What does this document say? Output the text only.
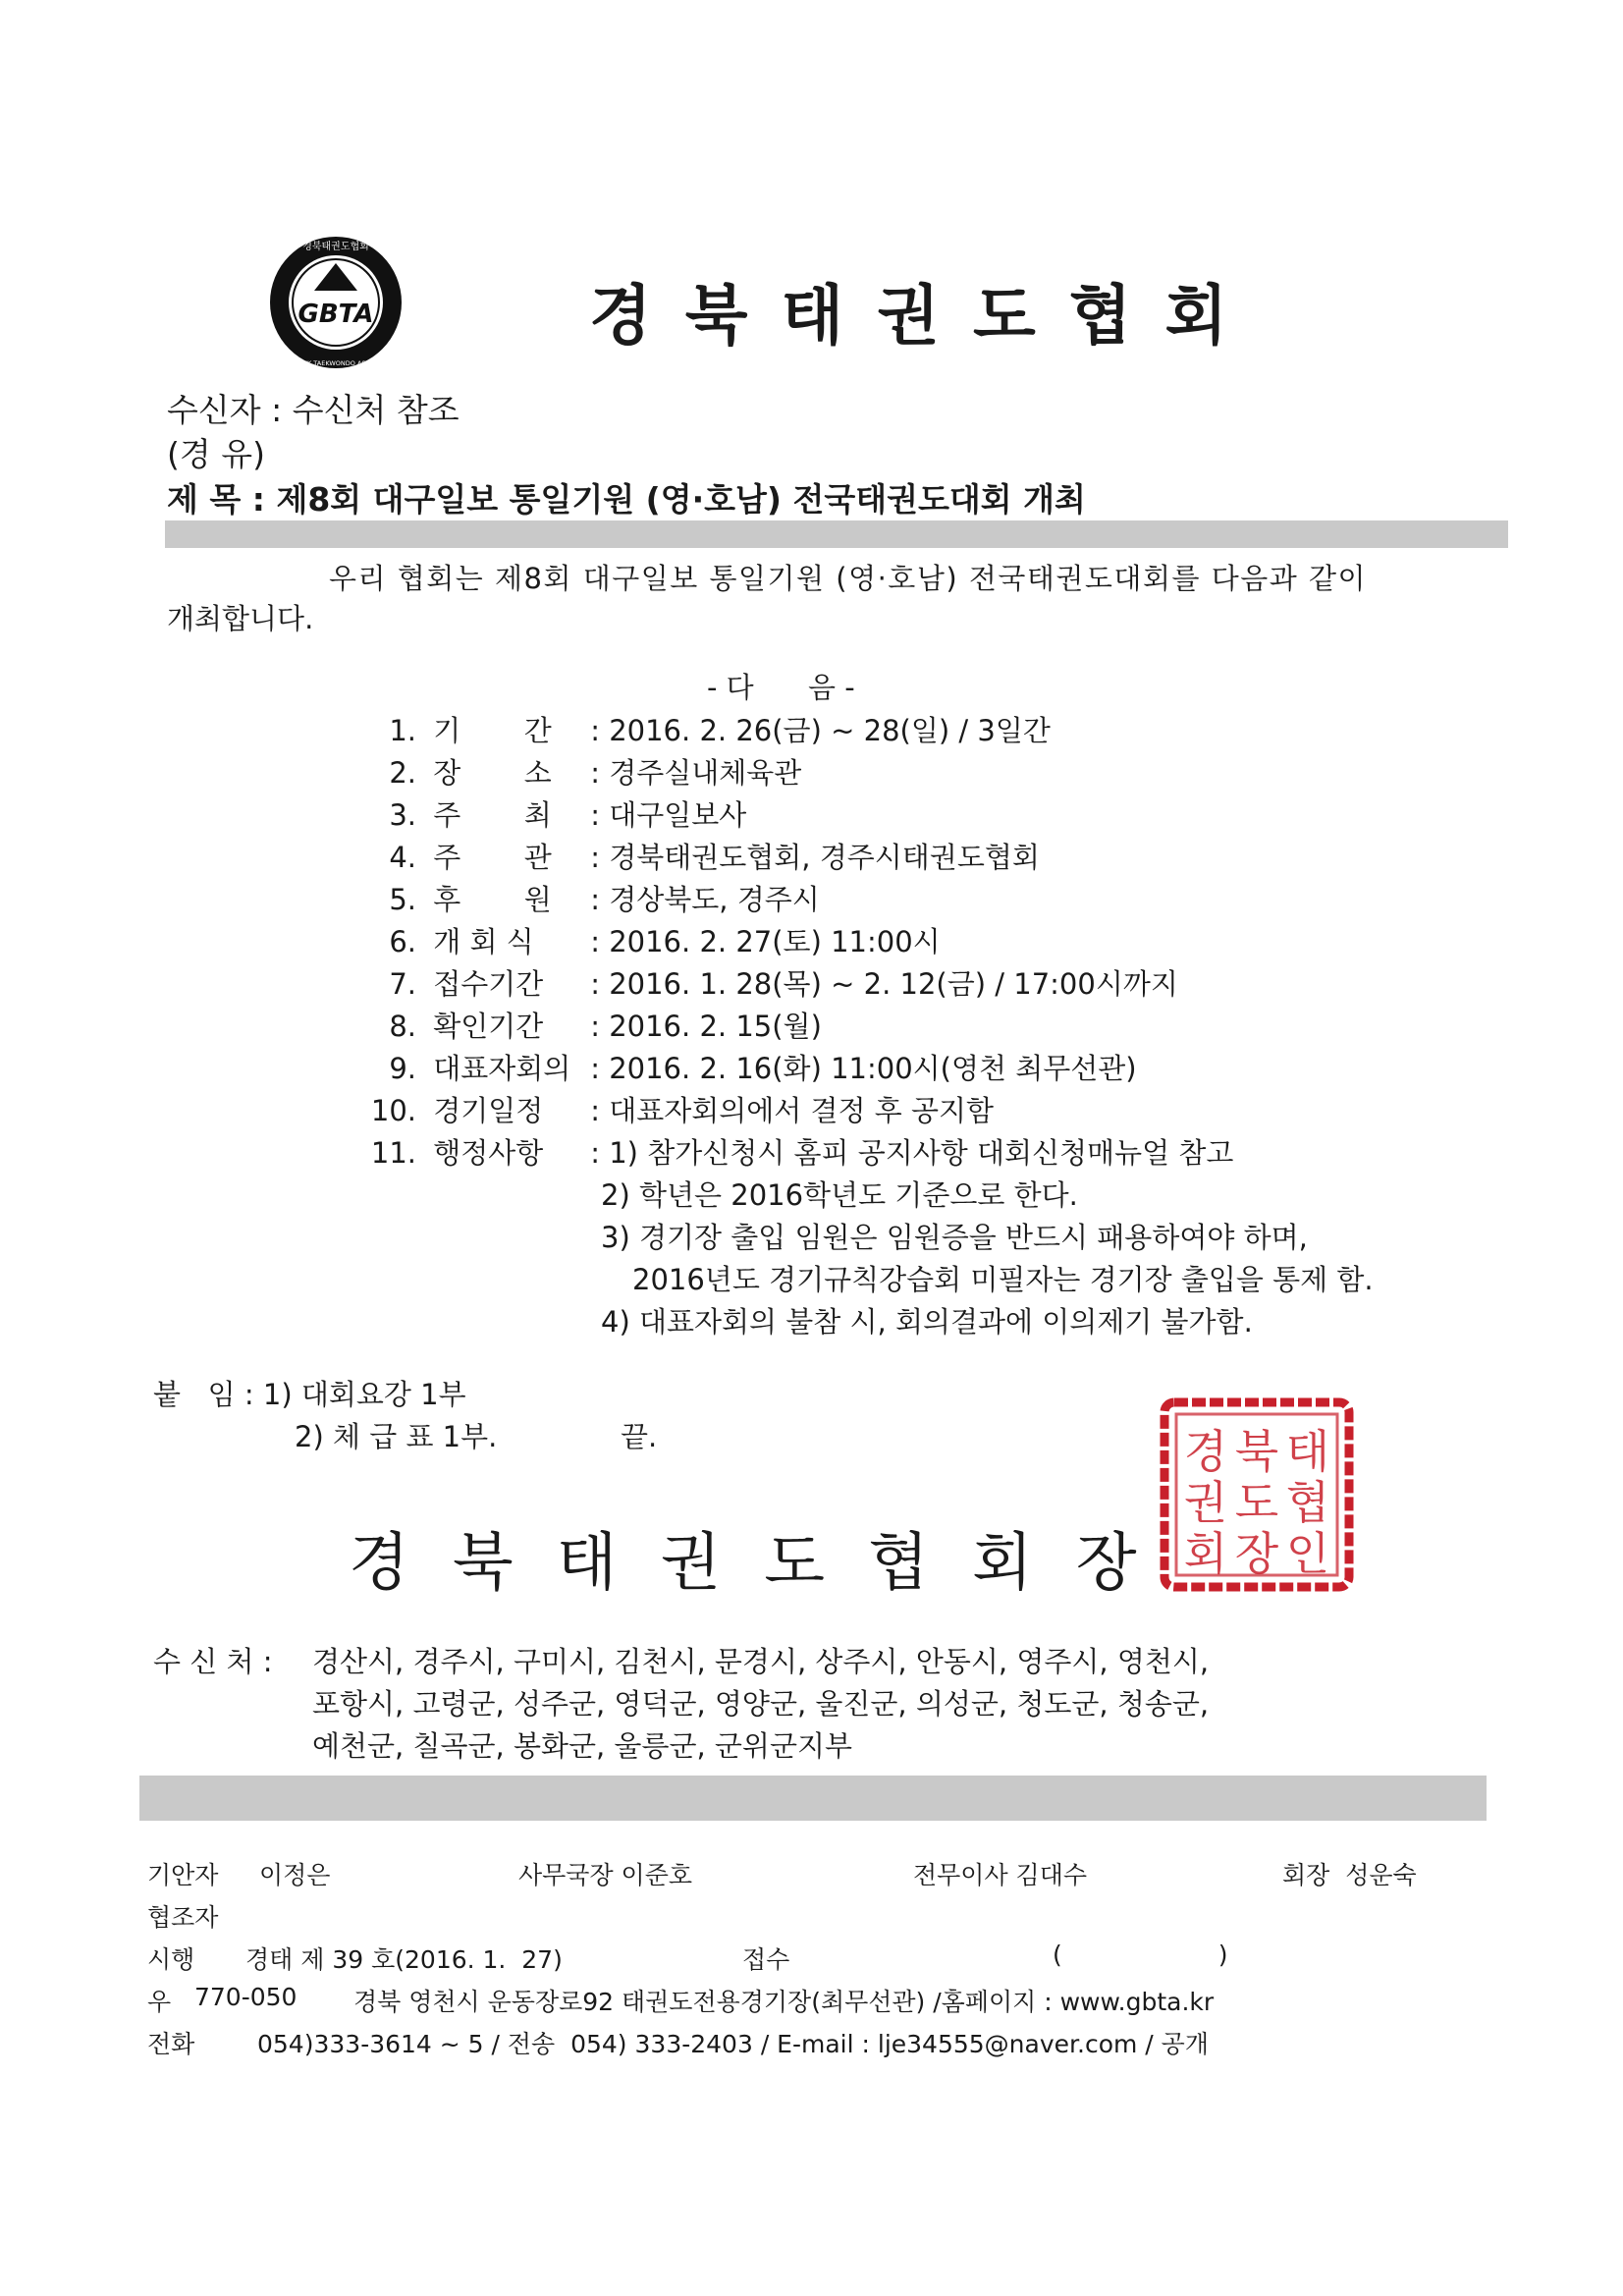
GBTA
경북태권도협회
GYEONGBUK TAEKWONDO ASSOCIATION
경북태권도협회
수신자 : 수신처 참조
(경 유)
제 목 : 제8회 대구일보 통일기원 (영·호남) 전국태권도대회 개최
우리 협회는 제8회 대구일보 통일기원 (영·호남) 전국태권도대회를 다음과 같이
개최합니다.
- 다      음 -
1. 기       간 : 2016. 2. 26(금) ~ 28(일) / 3일간
2. 장       소 : 경주실내체육관
3. 주       최 : 대구일보사
4. 주       관 : 경북태권도협회, 경주시태권도협회
5. 후       원 : 경상북도, 경주시
6. 개 회 식 : 2016. 2. 27(토) 11:00시
7. 접수기간 : 2016. 1. 28(목) ~ 2. 12(금) / 17:00시까지
8. 확인기간 : 2016. 2. 15(월)
9. 대표자회의 : 2016. 2. 16(화) 11:00시(영천 최무선관)
10. 경기일정 : 대표자회의에서 결정 후 공지함
11. 행정사항 : 1) 참가신청시 홈피 공지사항 대회신청매뉴얼 참고
2) 학년은 2016학년도 기준으로 한다.
3) 경기장 출입 임원은 임원증을 반드시 패용하여야 하며,
2016년도 경기규칙강습회 미필자는 경기장 출입을 통제 함.
4) 대표자회의 불참 시, 회의결과에 이의제기 불가함.
붙   임 : 1) 대회요강 1부
2) 체 급 표 1부.	끝.	경 북 태
권 도 협
회 장 인
경북태권도협회장
수 신 처 : 경산시, 경주시, 구미시, 김천시, 문경시, 상주시, 안동시, 영주시, 영천시,
포항시, 고령군, 성주군, 영덕군, 영양군, 울진군, 의성군, 청도군, 청송군,
예천군, 칠곡군, 봉화군, 울릉군, 군위군지부
기안자 이정은	사무국장 이준호	전무이사 김대수	회장  성운숙
협조자
시행 경태 제 39 호(2016. 1.  27)	접수	(                    )
우 770-050 경북 영천시 운동장로92 태권도전용경기장(최무선관) /홈페이지 : www.gbta.kr
전화	054)333-3614 ~ 5 / 전송  054) 333-2403 / E-mail : lje34555@naver.com / 공개
